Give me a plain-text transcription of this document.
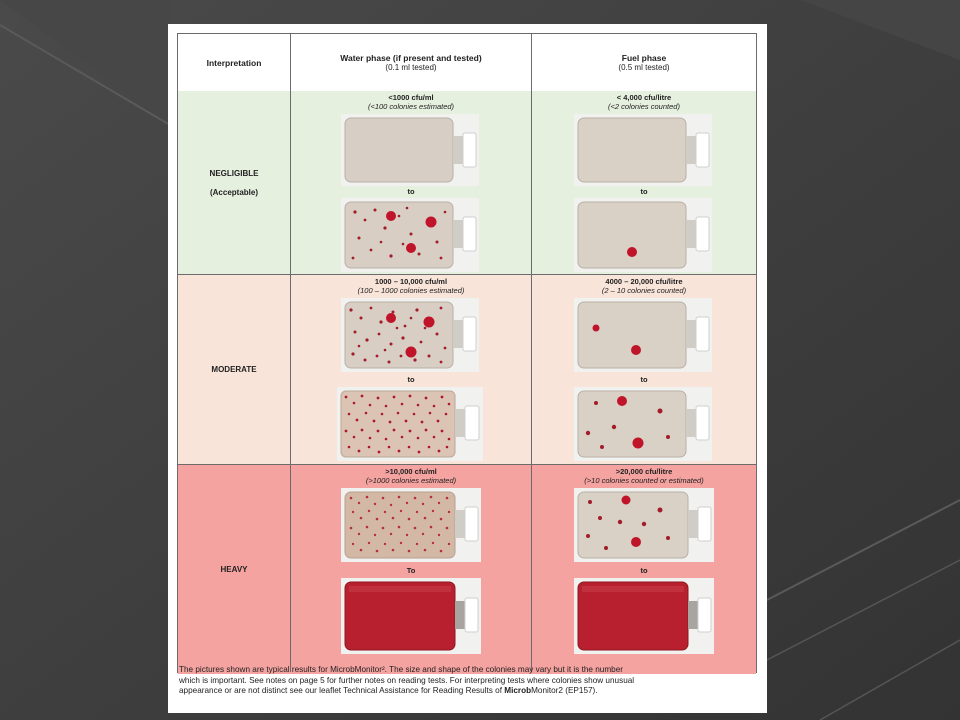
Interpretation	Water phase (if present and tested)
(0.1 ml tested)
Fuel phase
(0.5 ml tested)
NEGLIGIBLE
(Acceptable)
<1000 cfu/ml
(<100 colonies estimated)
to
< 4,000 cfu/litre
(<2 colonies counted)
to
MODERATE
1000 – 10,000 cfu/ml
(100 – 1000 colonies estimated)
to
4000 – 20,000 cfu/litre
(2 – 10 colonies counted)
to
HEAVY
>10,000 cfu/ml
(>1000 colonies estimated)
To
>20,000 cfu/litre
(>10 colonies counted or estimated)
to
The pictures shown are typical results for MicrobMonitor². The size and shape of the colonies may vary but it is the number
which is important. See notes on page 5 for further notes on reading tests. For interpreting tests where colonies show unusual
appearance or are not distinct see our leaflet Technical Assistance for Reading Results of MicrobMonitor2 (EP157).
